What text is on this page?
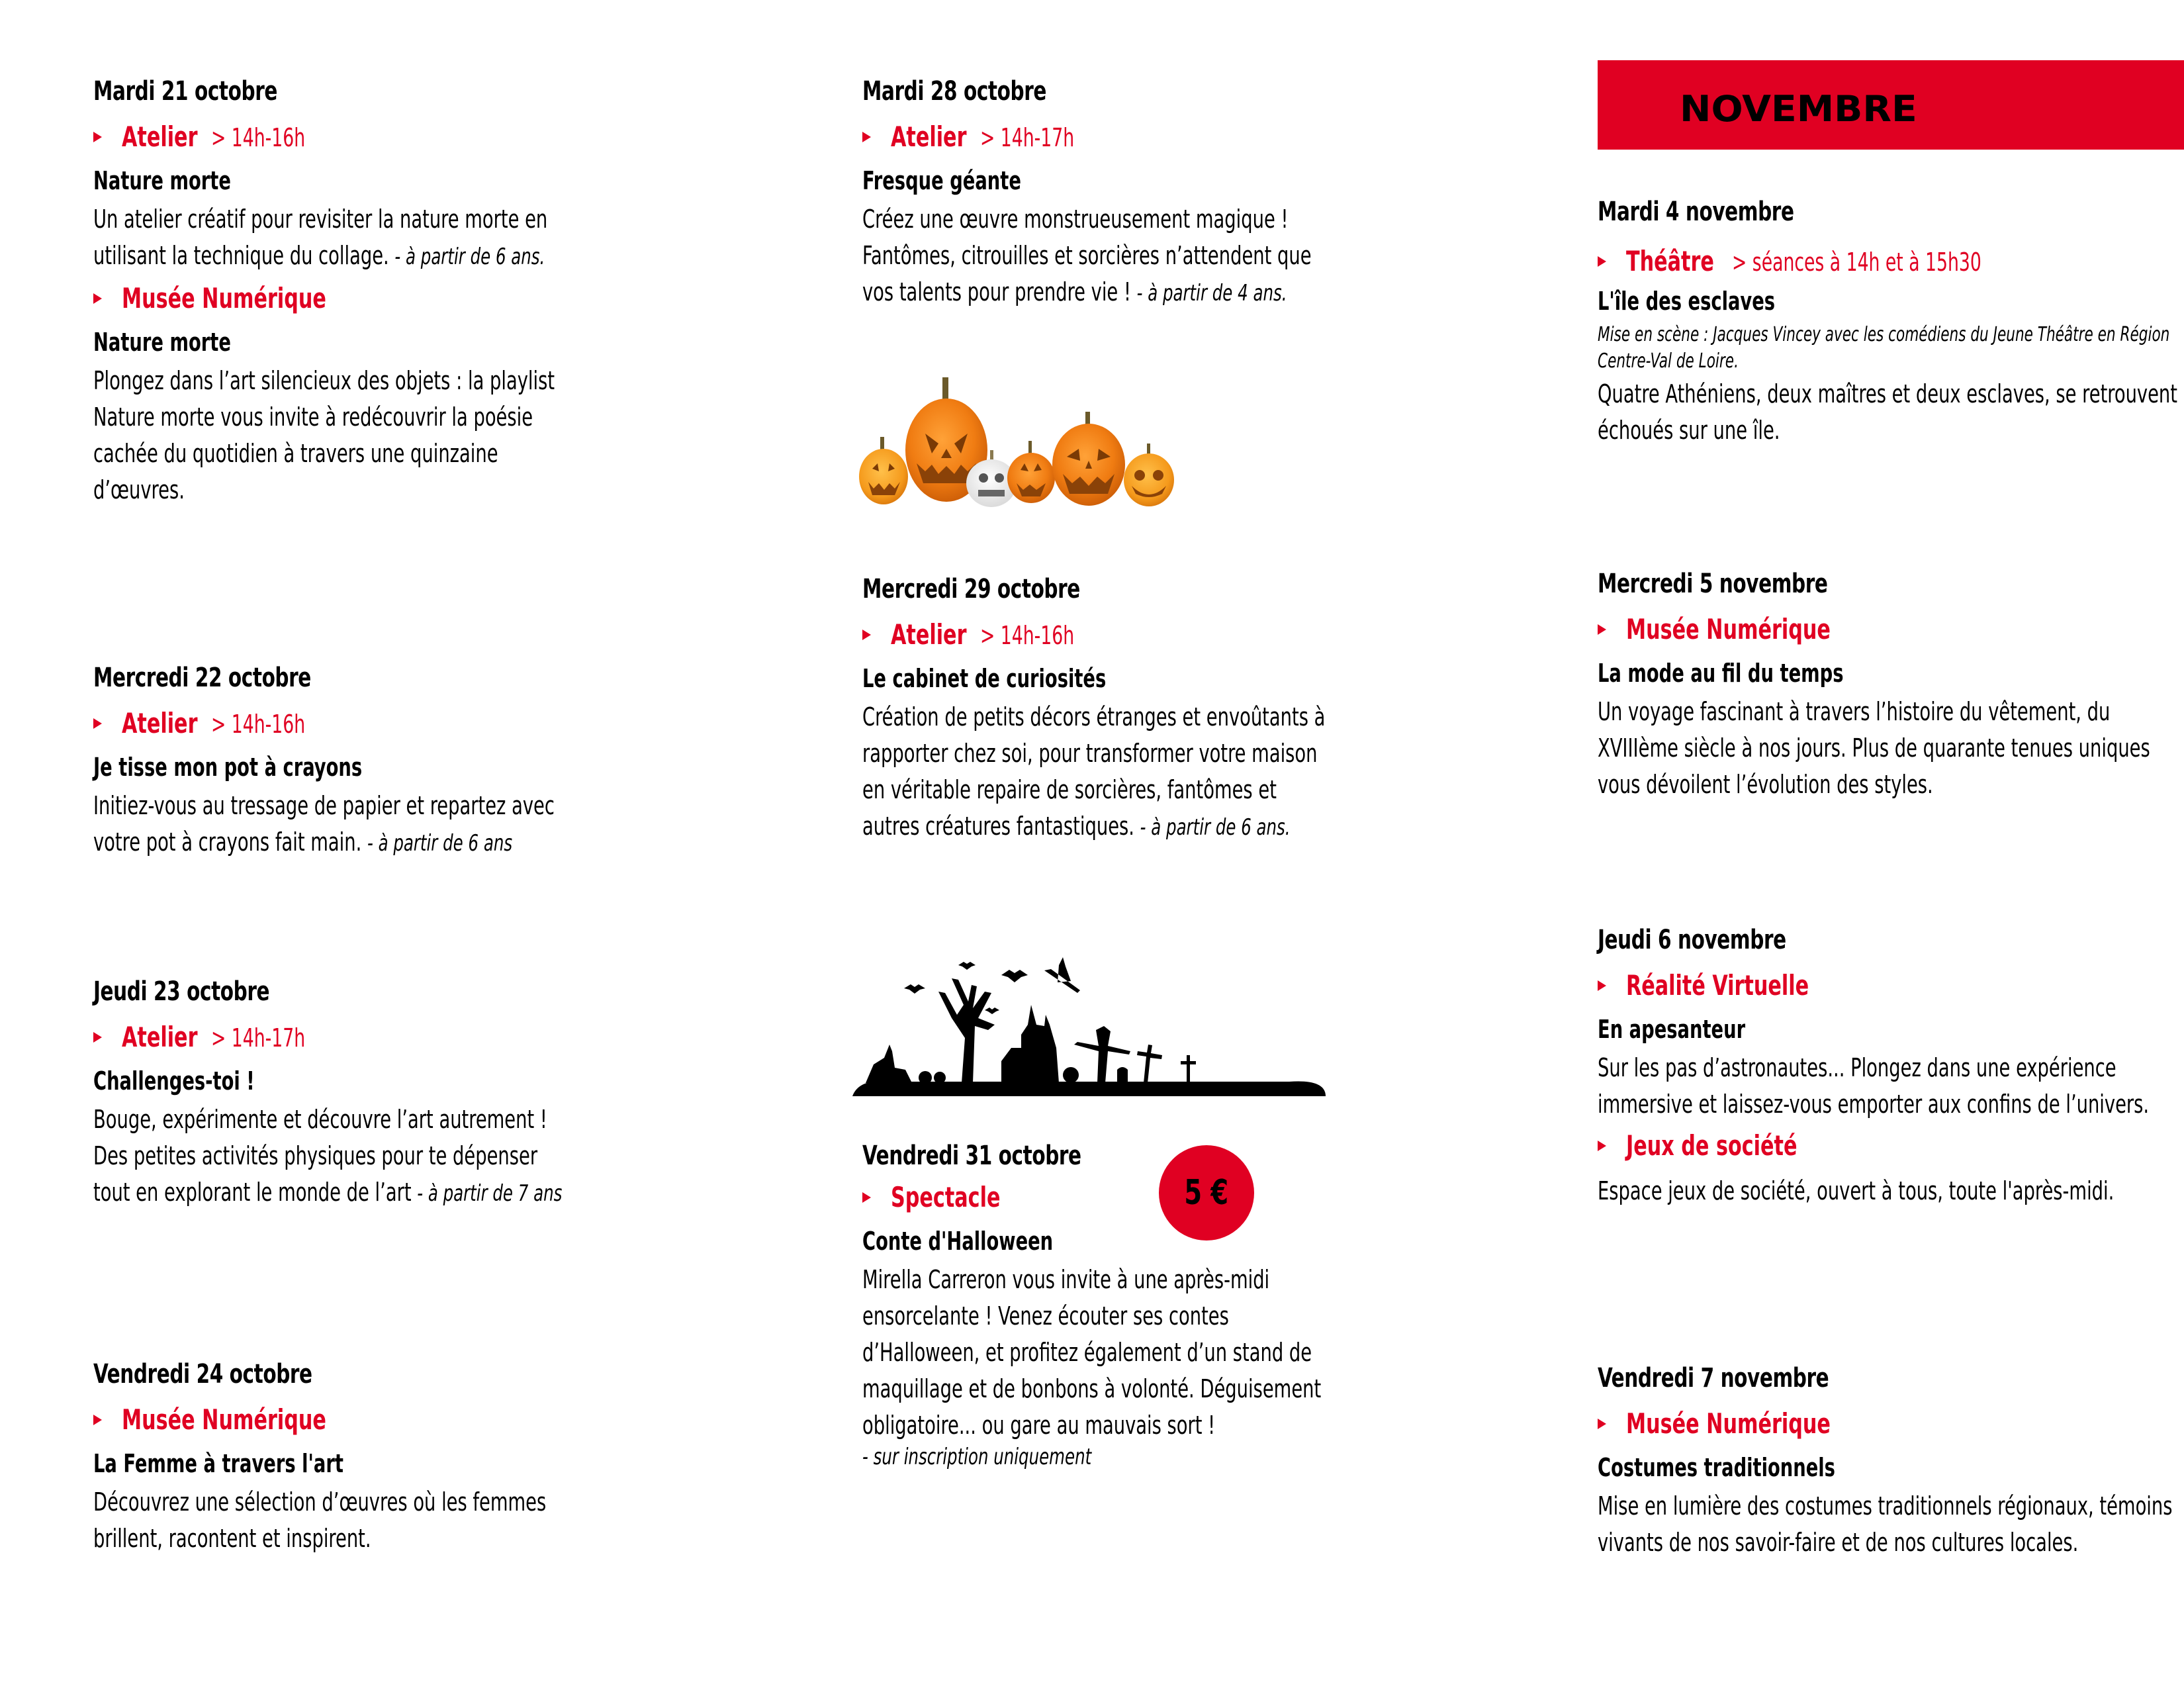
Mardi 21 octobre
Atelier > 14h-16h
Nature morte
Un atelier créatif pour revisiter la nature morte en utilisant la technique du collage. - à partir de 6 ans.
Musée Numérique
Nature morte
Plongez dans l’art silencieux des objets : la playlist Nature morte vous invite à redécouvrir la poésie cachée du quotidien à travers une quinzaine d’œuvres.
Mercredi 22 octobre
Atelier > 14h-16h
Je tisse mon pot à crayons
Initiez-vous au tressage de papier et repartez avec votre pot à crayons fait main. - à partir de 6 ans
Jeudi 23 octobre
Atelier > 14h-17h
Challenges-toi !
Bouge, expérimente et découvre l’art autrement ! Des petites activités physiques pour te dépenser tout en explorant le monde de l’art - à partir de 7 ans
Vendredi 24 octobre
Musée Numérique
La Femme à travers l'art
Découvrez une sélection d’œuvres où les femmes brillent, racontent et inspirent.
Mardi 28 octobre
Atelier > 14h-17h
Fresque géante
Créez une œuvre monstrueusement magique ! Fantômes, citrouilles et sorcières n’attendent que vos talents pour prendre vie ! - à partir de 4 ans.
Mercredi 29 octobre
Atelier > 14h-16h
Le cabinet de curiosités
Création de petits décors étranges et envoûtants à rapporter chez soi, pour transformer votre maison en véritable repaire de sorcières, fantômes et autres créatures fantastiques. - à partir de 6 ans.
Vendredi 31 octobre
Spectacle
Conte d'Halloween
Mirella Carreron vous invite à une après-midi ensorcelante ! Venez écouter ses contes d’Halloween, et profitez également d’un stand de maquillage et de bonbons à volonté. Déguisement obligatoire... ou gare au mauvais sort !
- sur inscription uniquement
5 €
NOVEMBRE
Mardi 4 novembre
Théâtre > séances à 14h et à 15h30
L'île des esclaves
Mise en scène : Jacques Vincey avec les comédiens du Jeune Théâtre en Région Centre-Val de Loire.
Quatre Athéniens, deux maîtres et deux esclaves, se retrouvent échoués sur une île.
Mercredi 5 novembre
Musée Numérique
La mode au fil du temps
Un voyage fascinant à travers l’histoire du vêtement, du XVIIIème siècle à nos jours. Plus de quarante tenues uniques vous dévoilent l’évolution des styles.
Jeudi 6 novembre
Réalité Virtuelle
En apesanteur
Sur les pas d’astronautes... Plongez dans une expérience immersive et laissez-vous emporter aux confins de l’univers.
Jeux de société
Espace jeux de société, ouvert à tous, toute l'après-midi.
Vendredi 7 novembre
Musée Numérique
Costumes traditionnels
Mise en lumière des costumes traditionnels régionaux, témoins vivants de nos savoir-faire et de nos cultures locales.
